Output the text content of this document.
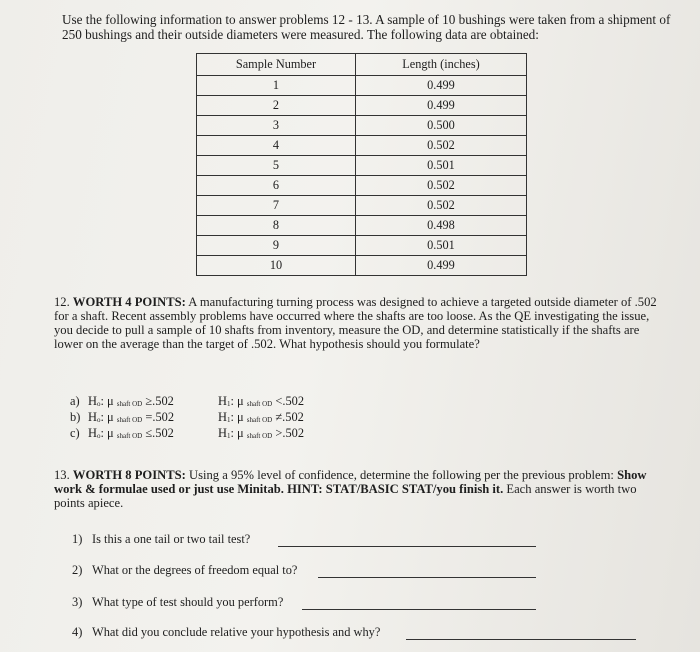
Use the following information to answer problems 12 - 13. A sample of 10 bushings were taken from a shipment of 250 bushings and their outside diameters were measured. The following data are obtained:
Sample Number	Length (inches)
1	0.499
2	0.499
3	0.500
4	0.502
5	0.501
6	0.502
7	0.502
8	0.498
9	0.501
10	0.499
12. WORTH 4 POINTS: A manufacturing turning process was designed to achieve a targeted outside diameter of .502 for a shaft. Recent assembly problems have occurred where the shafts are too loose. As the QE investigating the issue, you decide to pull a sample of 10 shafts from inventory, measure the OD, and determine statistically if the shafts are lower on the average than the target of .502. What hypothesis should you formulate?
a) Ho: μ shaft OD ≥.502	H1: μ shaft OD <.502
b) Ho: μ shaft OD =.502	H1: μ shaft OD ≠.502
c) Ho: μ shaft OD ≤.502	H1: μ shaft OD >.502
13. WORTH 8 POINTS: Using a 95% level of confidence, determine the following per the previous problem: Show work & formulae used or just use Minitab. HINT: STAT/BASIC STAT/you finish it. Each answer is worth two points apiece.
1) Is this a one tail or two tail test?
2) What or the degrees of freedom equal to?
3) What type of test should you perform?
4) What did you conclude relative your hypothesis and why?
